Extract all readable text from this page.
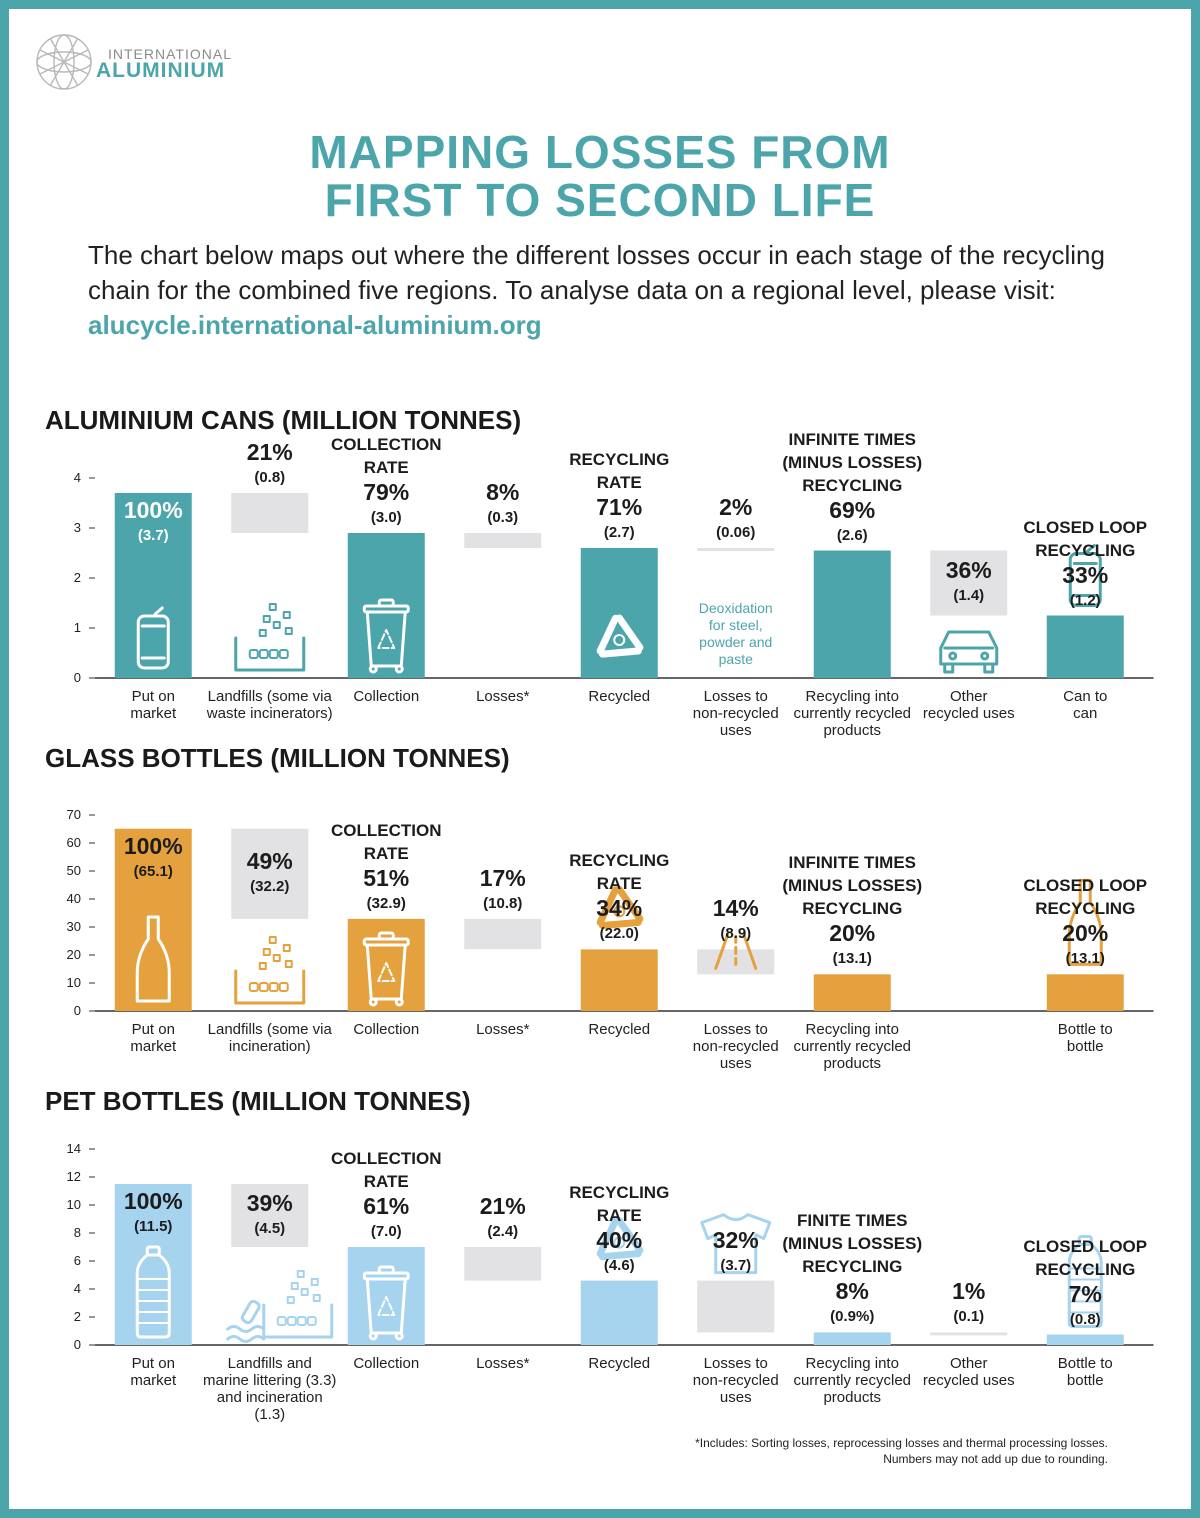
INTERNATIONAL
ALUMINIUM
MAPPING LOSSES FROM
FIRST TO SECOND LIFE
The chart below maps out where the different losses occur in each stage of the recycling chain for the combined five regions. To analyse data on a regional level, please visit: alucycle.international-aluminium.org
ALUMINIUM CANS (MILLION TONNES)
0
1
2
3
4
100%
(3.7)
Put on
market
21%
(0.8)
Landfills (some via
waste incinerators)
COLLECTION
RATE
79%
(3.0)
Collection
8%
(0.3)
Losses*
RECYCLING
RATE
71%
(2.7)
Recycled
2%
(0.06)
Deoxidation
for steel,
powder and
paste
Losses to
non-recycled
uses
INFINITE TIMES
(MINUS LOSSES)
RECYCLING
69%
(2.6)
Recycling into
currently recycled
products
36%
(1.4)
Other
recycled uses
CLOSED LOOP
RECYCLING
33%
(1.2)
Can to
can
GLASS BOTTLES (MILLION TONNES)
0
10
20
30
40
50
60
70
100%
(65.1)
Put on
market
49%
(32.2)
Landfills (some via
incineration)
COLLECTION
RATE
51%
(32.9)
Collection
17%
(10.8)
Losses*
RECYCLING
RATE
34%
(22.0)
Recycled
14%
(8.9)
Losses to
non-recycled
uses
INFINITE TIMES
(MINUS LOSSES)
RECYCLING
20%
(13.1)
Recycling into
currently recycled
products
CLOSED LOOP
RECYCLING
20%
(13.1)
Bottle to
bottle
PET BOTTLES (MILLION TONNES)
0
2
4
6
8
10
12
14
100%
(11.5)
Put on
market
39%
(4.5)
Landfills and
marine littering (3.3)
and incineration (1.3)
COLLECTION
RATE
61%
(7.0)
Collection
21%
(2.4)
Losses*
RECYCLING
RATE
40%
(4.6)
Recycled
32%
(3.7)
Losses to
non-recycled
uses
FINITE TIMES
(MINUS LOSSES)
RECYCLING
8%
(0.9%)
Recycling into
currently recycled
products
1%
(0.1)
Other
recycled uses
CLOSED LOOP
RECYCLING
7%
(0.8)
Bottle to
bottle
*Includes: Sorting losses, reprocessing losses and thermal processing losses.
Numbers may not add up due to rounding.
